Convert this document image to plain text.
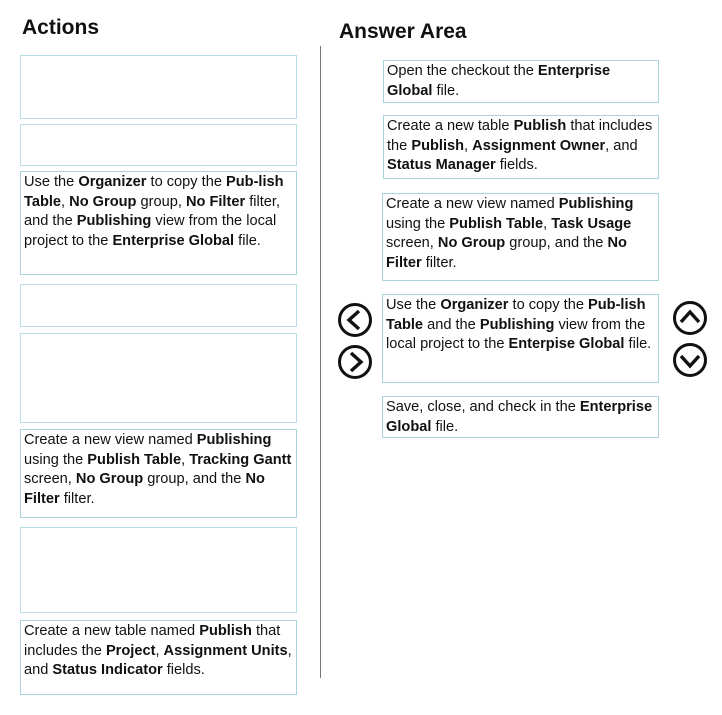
Actions	Answer Area
Use the Organizer to copy the Pub-lish Table, No Group group, No Filter filter, and the Publishing view from the local project to the Enterprise Global file.
Create a new view named Publishing using the Publish Table, Tracking Gantt screen, No Group group, and the No Filter filter.
Create a new table named Publish that includes the Project, Assignment Units, and Status Indicator fields.
Open the checkout the Enterprise Global file.
Create a new table Publish that includes the Publish, Assignment Owner, and Status Manager fields.
Create a new view named Publishing using the Publish Table, Task Usage screen, No Group group, and the No Filter filter.
Use the Organizer to copy the Pub-lish Table and the Publishing view from the local project to the Enterpise Global file.
Save, close, and check in the Enterprise Global file.
